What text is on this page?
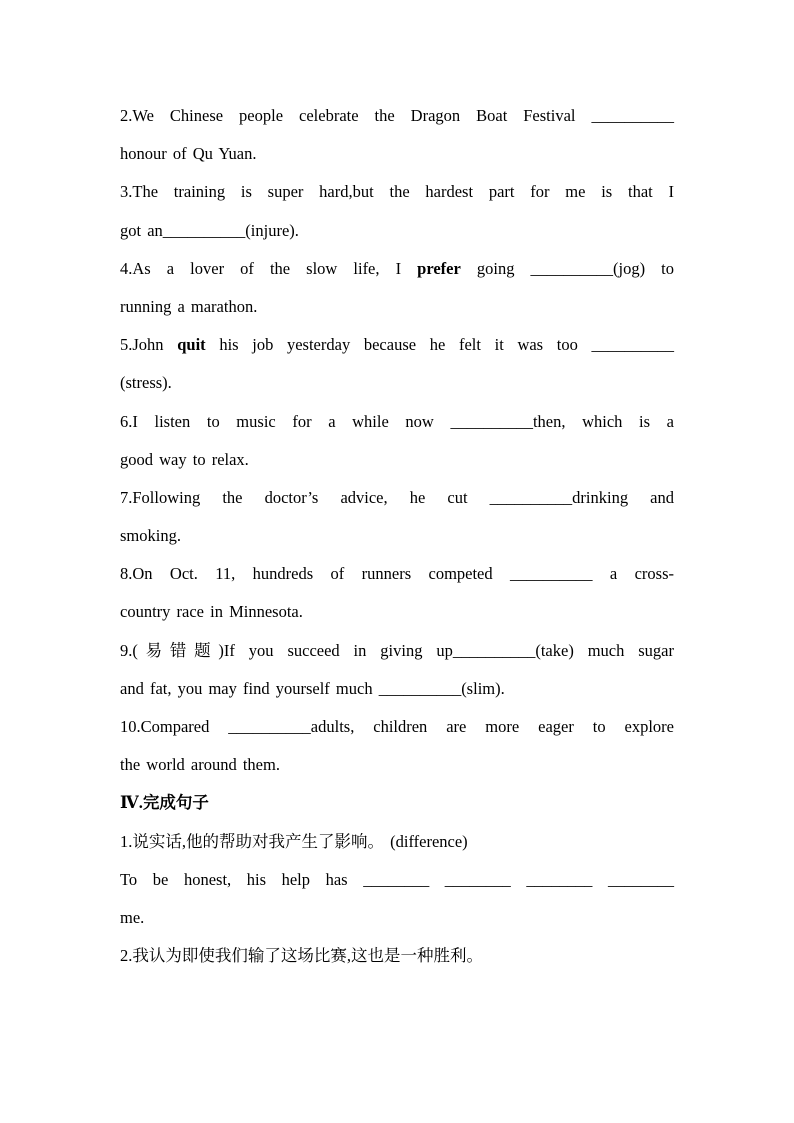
2.We Chinese people celebrate the Dragon Boat Festival __________
honour of Qu Yuan.
3.The training is super hard,but the hardest part for me is that I
got an__________(injure).
4.As a lover of the slow life, I prefer going __________(jog) to
running a marathon.
5.John quit his job yesterday because he felt it was too __________
(stress).
6.I listen to music for a while now __________then, which is a
good way to relax.
7.Following the doctor’s advice, he cut __________drinking and
smoking.
8.On Oct. 11, hundreds of runners competed __________ a cross-
country race in Minnesota.
9.(易错题)If you succeed in giving up__________(take) much sugar
and fat, you may find yourself much __________(slim).
10.Compared __________adults, children are more eager to explore
the world around them.
Ⅳ.完成句子
1.说实话,他的帮助对我产生了影响。 (difference)
To be honest, his help has ________ ________ ________ ________
me.
2.我认为即使我们输了这场比赛,这也是一种胜利。
